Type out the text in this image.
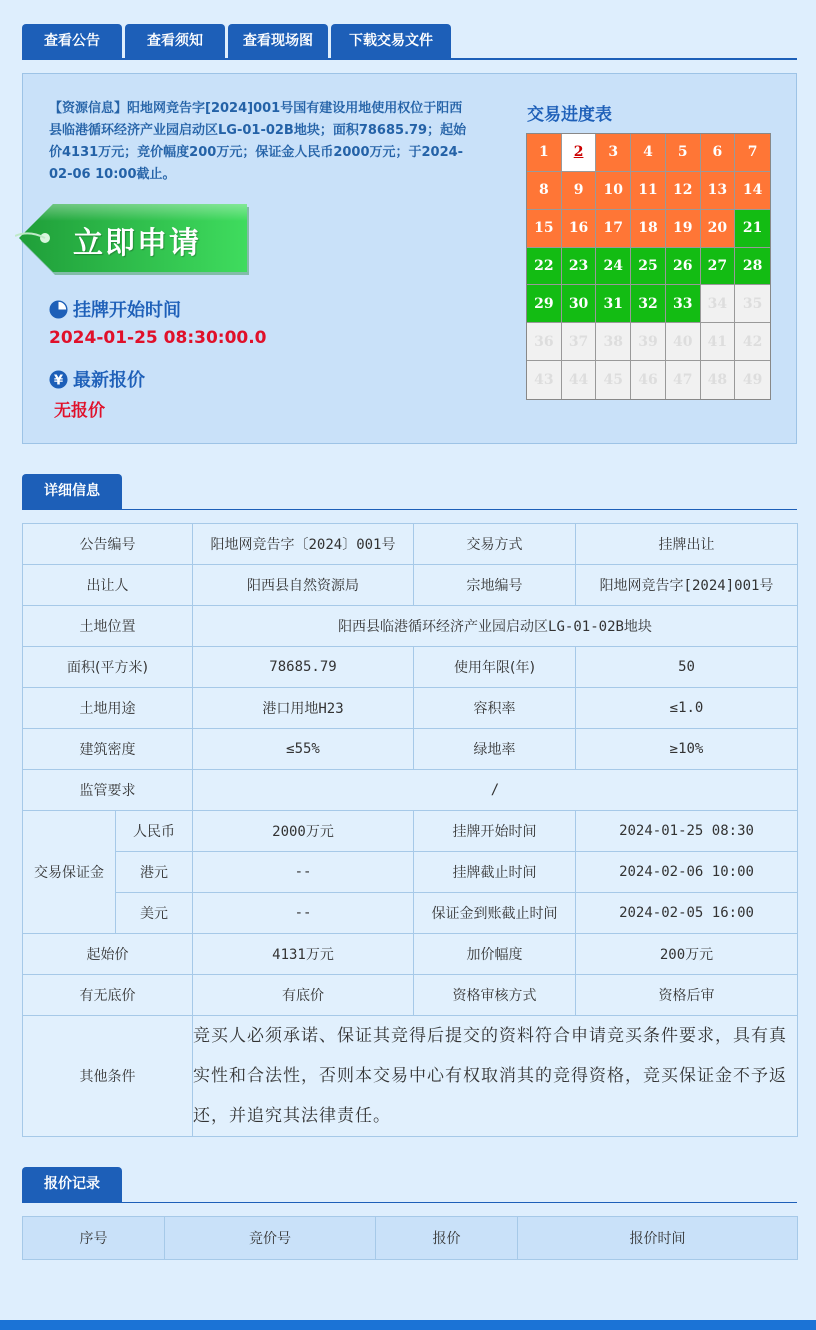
查看公告	查看须知	查看现场图	下载交易文件
【资源信息】阳地网竞告字[2024]001号国有建设用地使用权位于阳西县临港循环经济产业园启动区LG-01-02B地块；面积78685.79；起始价4131万元；竞价幅度200万元；保证金人民币2000万元；于2024-02-06 10:00截止。
立即申请
挂牌开始时间
2024-01-25 08:30:00.0
¥ 最新报价
无报价
交易进度表
1	2	3	4	5	6	7
8	9	10	11	12	13	14
15	16	17	18	19	20	21
22	23	24	25	26	27	28
29	30	31	32	33	34	35
36	37	38	39	40	41	42
43	44	45	46	47	48	49
详细信息
公告编号		阳地网竞告字〔2024〕001号	交易方式	挂牌出让
出让人		阳西县自然资源局	宗地编号	阳地网竞告字[2024]001号
土地位置		阳西县临港循环经济产业园启动区LG-01-02B地块		
面积(平方米)		78685.79	使用年限(年)	50
土地用途		港口用地H23	容积率	≤1.0
建筑密度		≤55%	绿地率	≥10%
监管要求		/		
交易保证金	人民币	2000万元	挂牌开始时间	2024-01-25 08:30
	港元	--	挂牌截止时间	2024-02-06 10:00
	美元	--	保证金到账截止时间	2024-02-05 16:00
起始价		4131万元	加价幅度	200万元
有无底价		有底价	资格审核方式	资格后审
其他条件		竞买人必须承诺、保证其竞得后提交的资料符合申请竞买条件要求，具有真实性和合法性，否则本交易中心有权取消其的竞得资格，竞买保证金不予返还，并追究其法律责任。		
报价记录
序号	竞价号	报价	报价时间
